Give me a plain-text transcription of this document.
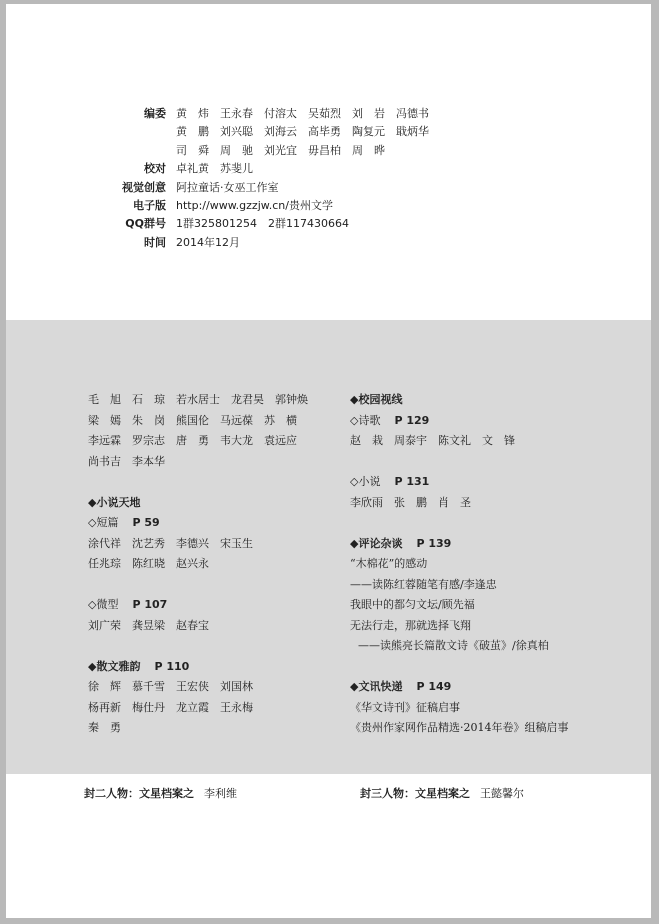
编委 黄　炜　王永春　付溶太　吴茹烈　刘　岩　冯德书
黄　鹏　刘兴聪　刘海云　高毕勇　陶复元　戢炳华
司　舜　周　驰　刘光宜　毋昌柏　周　晔
校对 卓礼黄　苏斐儿
视觉创意 阿拉童话·女巫工作室
电子版 http://www.gzzjw.cn/贵州文学
QQ群号 1群325801254　2群117430664
时间 2014年12月
毛　旭　石　琼　若水居士　龙君昊　郭钟焕
梁　嫣　朱　岗　熊国伦　马远葆　苏　横
李远霖　罗宗志　唐　勇　韦大龙　袁远应
尚书吉　李本华
◆小说天地
◇短篇 P 59
涂代祥　沈艺秀　李德兴　宋玉生
任兆琮　陈红晓　赵兴永
◇微型 P 107
刘广荣　龚昱梁　赵春宝
◆散文雅韵 P 110
徐　辉　慕千雪　王宏侠　刘国林
杨再新　梅仕丹　龙立霞　王永梅
秦　勇
◆校园视线
◇诗歌 P 129
赵　栽　周泰宇　陈文礼　文　锋
◇小说 P 131
李欣雨　张　鹏　肖　圣
◆评论杂谈 P 139
“木棉花”的感动
——读陈红蓉随笔有感/李逢忠
我眼中的都匀文坛/顾先福
无法行走，那就选择飞翔
——读熊亮长篇散文诗《破茧》/徐真柏
◆文讯快递 P 149
《华文诗刊》征稿启事
《贵州作家网作品精选·2014年卷》组稿启事
封二人物：文星档案之 李利维	封三人物：文星档案之 王懿馨尔
